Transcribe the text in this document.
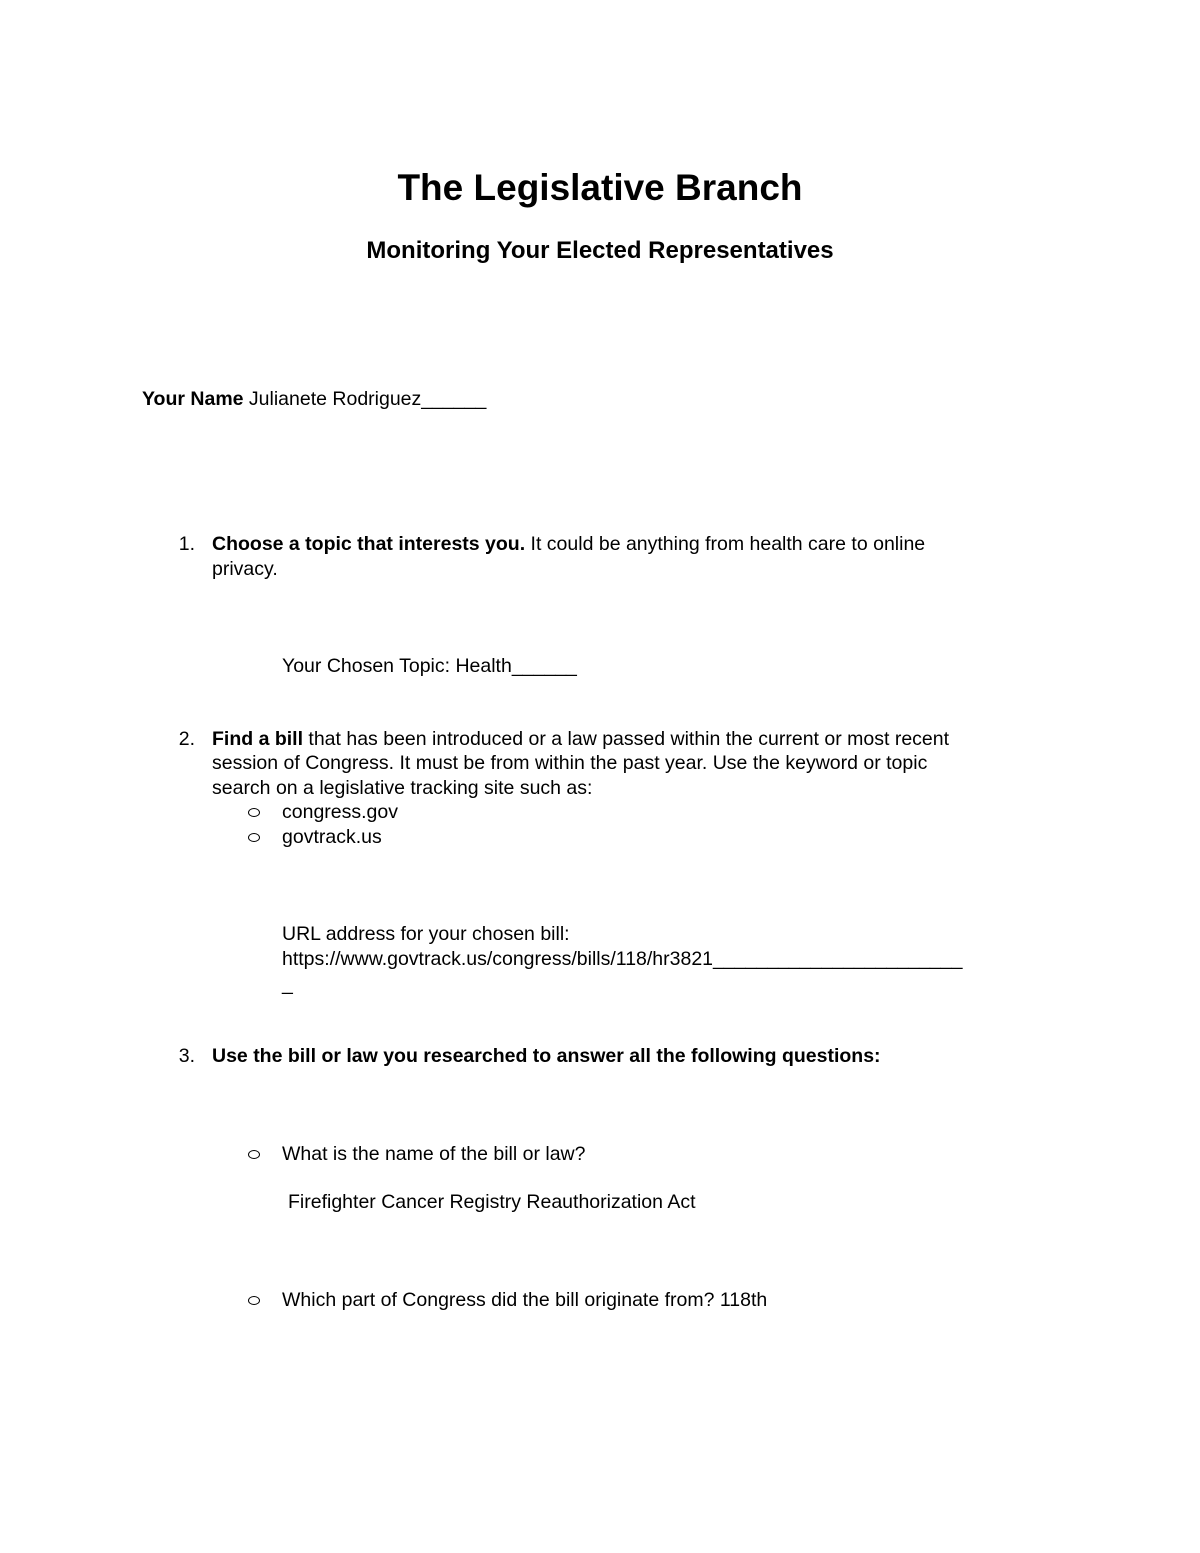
The Legislative Branch
Monitoring Your Elected Representatives
Your Name Julianete Rodriguez______
1. Choose a topic that interests you. It could be anything from health care to online
privacy.
Your Chosen Topic: Health______
2. Find a bill that has been introduced or a law passed within the current or most recent
session of Congress. It must be from within the past year. Use the keyword or topic
search on a legislative tracking site such as:
congress.gov
govtrack.us
URL address for your chosen bill:
https://www.govtrack.us/congress/bills/118/hr3821_______________________
_
3. Use the bill or law you researched to answer all the following questions:
What is the name of the bill or law?
Firefighter Cancer Registry Reauthorization Act
Which part of Congress did the bill originate from? 118th
